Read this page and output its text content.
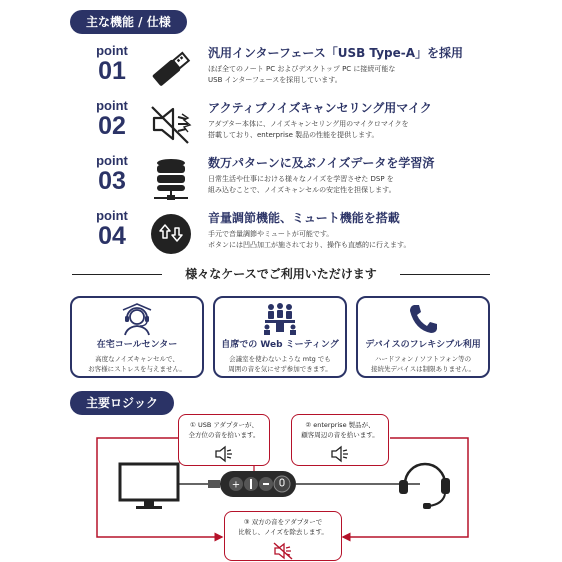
主な機能 / 仕様
point
01
汎用インターフェース「USB Type-A」を採用
ほぼ全てのノート PC およびデスクトップ PC に接続可能な
USB インターフェースを採用しています。
point
02
アクティブノイズキャンセリング用マイク
アダプター本体に、ノイズキャンセリング用のマイクロマイクを
搭載しており、enterprise 製品の性能を提供します。
point
03
数万パターンに及ぶノイズデータを学習済
日常生活や仕事における様々なノイズを学習させた DSP を
組み込むことで、ノイズキャンセルの安定性を担保します。
point
04
音量調節機能、ミュート機能を搭載
手元で音量調節やミュートが可能です。
ボタンには凹凸加工が施されており、操作も直感的に行えます。
様々なケースでご利用いただけます
在宅コールセンター
高度なノイズキャンセルで、
お客様にストレスを与えません。
自席での Web ミーティング
会議室を使わないような mtg でも
周囲の音を気にせず参加できます。
デバイスのフレキシブル利用
ハードフォン / ソフトフォン等の
接続先デバイスは制限ありません。
主要ロジック
+
① USB アダプターが、
全方位の音を拾います。
② enterprise 製品が、
顧客周辺の音を拾います。
③ 双方の音をアダプターで
比較し、ノイズを除去します。
